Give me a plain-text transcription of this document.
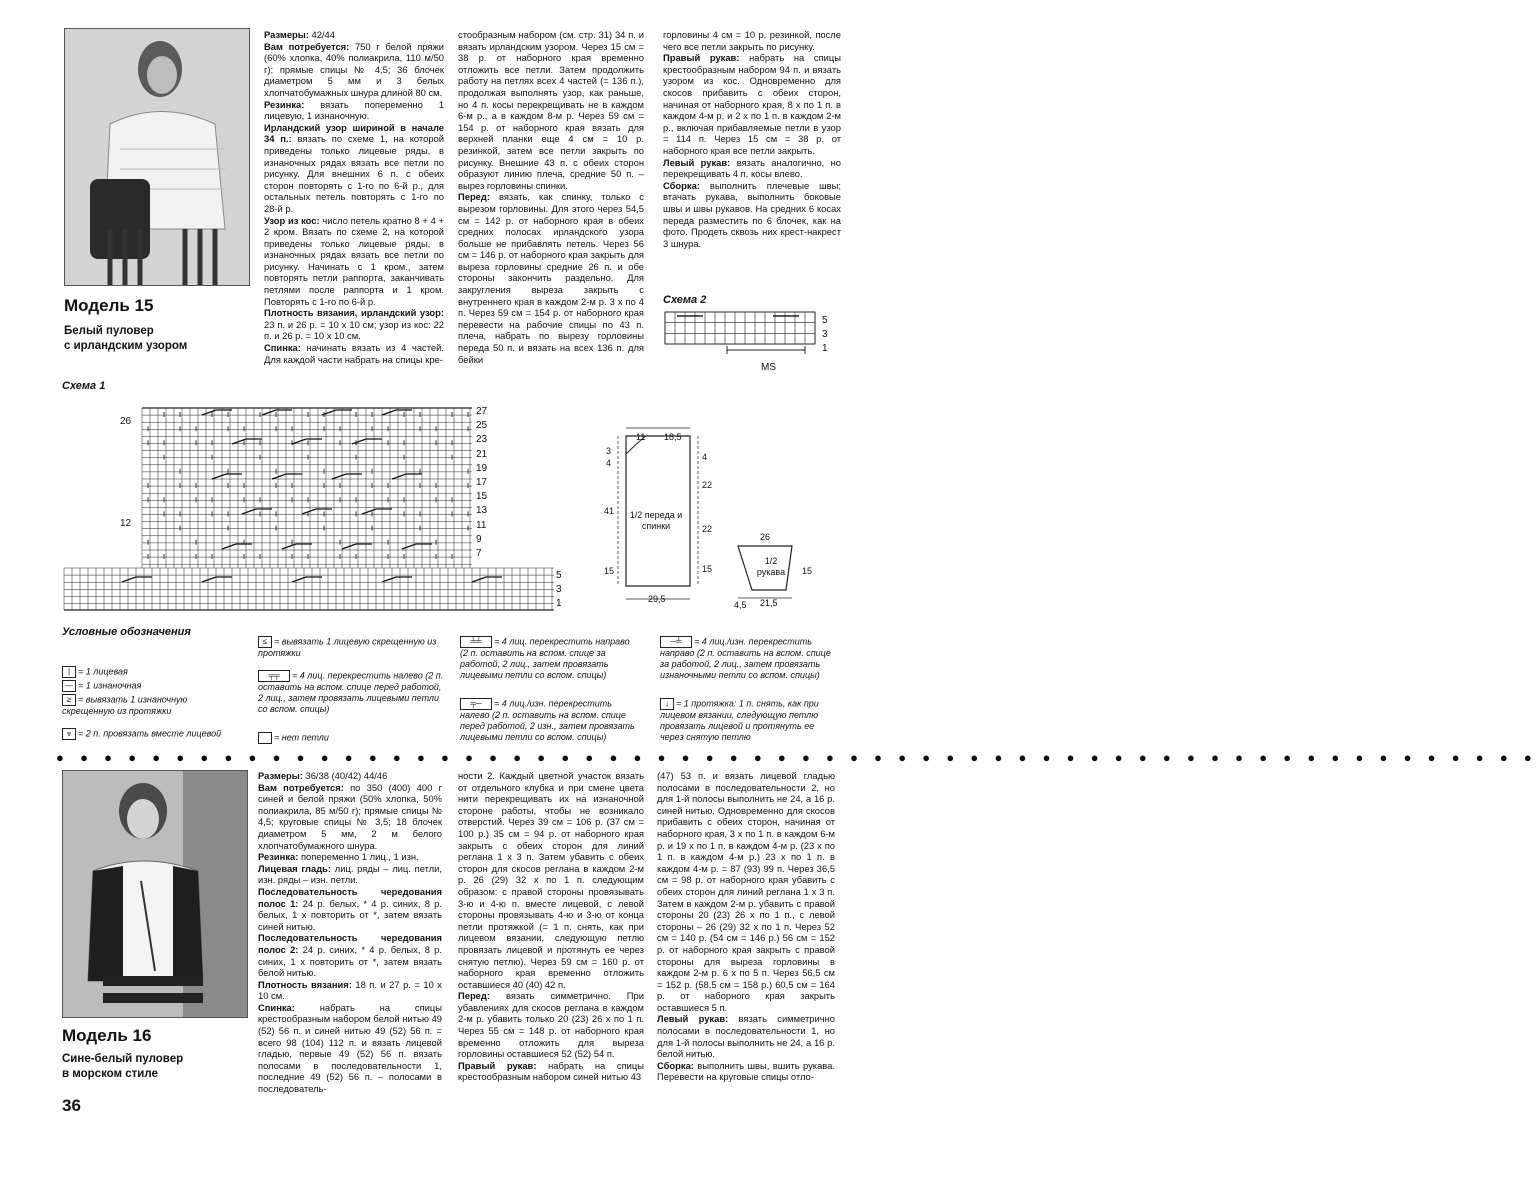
Модель 15
Белый пуловер
с ирландским узором

Размеры: 42/44

Вам потребуется: 750 г белой пряжи (60% хлопка, 40% полиакрила, 110 м/50 г); прямые спицы № 4,5; 36 блочек диаметром 5 мм и 3 белых хлопчатобумажных шнура длиной 80 см.

Резинка: вязать попеременно 1 лицевую, 1 изнаночную.

Ирландский узор шириной в начале 34 п.: вязать по схеме 1, на которой приведены только лицевые ряды, в изнаночных рядах вязать все петли по рисунку. Для внешних 6 п. с обеих сторон повторять с 1-го по 6-й р., для остальных петель повторять с 1-го по 28-й р.

Узор из кос: число петель кратно 8 + 4 + 2 кром. Вязать по схеме 2, на которой приведены только лицевые ряды, в изнаночных рядах вязать все петли по рисунку. Начинать с 1 кром., затем повторять петли раппорта, заканчивать петлями после раппорта и 1 кром. Повторять с 1-го по 6-й р.

Плотность вязания, ирландский узор: 23 п. и 26 р. = 10 х 10 см; узор из кос: 22 п. и 26 р. = 10 х 10 см.

Спинка: начинать вязать из 4 частей. Для каждой части набрать на спицы кре-

стообразным набором (см. стр. 31) 34 п. и вязать ирландским узором. Через 15 см = 38 р. от наборного края временно отложить все петли. Затем продолжить работу на петлях всех 4 частей (= 136 п.), продолжая выполнять узор, как раньше, но 4 п. косы перекрещивать не в каждом 6-м р., а в каждом 8-м р. Через 59 см = 154 р. от наборного края вязать для верхней планки еще 4 см = 10 р. резинкой, затем все петли закрыть по рисунку. Внешние 43 п. с обеих сторон образуют линию плеча, средние 50 п. – вырез горловины спинки.

Перед: вязать, как спинку, только с вырезом горловины. Для этого через 54,5 см = 142 р. от наборного края в обеих средних полосах ирландского узора больше не прибавлять петель. Через 56 см = 146 р. от наборного края закрыть для выреза горловины средние 26 п. и обе стороны закончить раздельно. Для закругления выреза закрыть с внутреннего края в каждом 2-м р. 3 х по 4 п. Через 59 см = 154 р. от наборного края перевести на рабочие спицы по 43 п. плеча, набрать по вырезу горловины переда 50 п. и вязать на всех 136 п. для бейки

горловины 4 см = 10 р. резинкой, после чего все петли закрыть по рисунку.

Правый рукав: набрать на спицы крестообразным набором 94 п. и вязать узором из кос. Одновременно для скосов прибавить с обеих сторон, начиная от наборного края, 8 х по 1 п. в каждом 4-м р. и 2 х по 1 п. в каждом 2-м р., включая прибавляемые петли в узор = 114 п. Через 15 см = 38 р. от наборного края все петли закрыть.

Левый рукав: вязать аналогично, но перекрещивать 4 п. косы влево.

Сборка: выполнить плечевые швы; втачать рукава, выполнить боковые швы и швы рукавов. На средних 6 косах переда разместить по 6 блочек, как на фото. Продеть сквозь них крест-накрест 3 шнура.

Схема 2
5
3
1
MS
Схема 1
26
12
27
25
23
21
19
17
15
13
11
9
7
5
3
1
1/2 переда и спинки
11 18,5
3
4
4
41
15
22
22
15
29,5
26
1/2 рукава 15
21,5
4,5
Условные обозначения
| = 1 лицевая
— = 1 изнаночная
≥ = вывязать 1 изнаночную скрещенную из протяжки
⩔ = 2 п. провязать вместе лицевой
≤ = вывязать 1 лицевую скрещенную из протяжки
╤╤ = 4 лиц. перекрестить налево (2 п. оставить на вспом. спице перед работой, 2 лиц., затем провязать лицевыми петли со вспом. спицы)
= нет петли
╧╧ = 4 лиц. перекрестить направо (2 п. оставить на вспом. спице за работой, 2 лиц., затем провязать лицевыми петли со вспом. спицы)
╤─ = 4 лиц./изн. перекрестить налево (2 п. оставить на вспом. спице перед работой, 2 изн., затем провязать лицевыми петли со вспом. спицы)
─╧ = 4 лиц./изн. перекрестить направо (2 п. оставить на вспом. спице за работой, 2 лиц., затем провязать изнаночными петли со вспом. спицы)
↓ = 1 протяжка: 1 п. снять, как при лицевом вязании, следующую петлю провязать лицевой и протянуть ее через снятую петлю
● ● ● ● ● ● ● ● ● ● ● ● ● ● ● ● ● ● ● ● ● ● ● ● ● ● ● ● ● ● ● ● ● ● ● ● ● ● ● ● ● ● ● ● ● ● ● ● ● ● ● ● ● ● ● ● ● ● ● ● ● ●
Модель 16
Сине-белый пуловер
в морском стиле

Размеры: 36/38 (40/42) 44/46

Вам потребуется: по 350 (400) 400 г синей и белой пряжи (50% хлопка, 50% полиакрила, 85 м/50 г); прямые спицы № 4,5; круговые спицы № 3,5; 18 блочек диаметром 5 мм, 2 м белого хлопчатобумажного шнура.

Резинка: попеременно 1 лиц., 1 изн.

Лицевая гладь: лиц. ряды – лиц. петли, изн. ряды – изн. петли.

Последовательность чередования полос 1: 24 р. белых, * 4 р. синих, 8 р. белых, 1 х повторить от *, затем вязать синей нитью.

Последовательность чередования полос 2: 24 р. синих, * 4 р. белых, 8 р. синих, 1 х повторить от *, затем вязать белой нитью.

Плотность вязания: 18 п. и 27 р. = 10 х 10 см.

Спинка: набрать на спицы крестообразным набором белой нитью 49 (52) 56 п. и синей нитью 49 (52) 56 п. = всего 98 (104) 112 п. и вязать лицевой гладью, первые 49 (52) 56 п. вязать полосами в последовательности 1, последние 49 (52) 56 п. – полосами в последователь-

ности 2. Каждый цветной участок вязать от отдельного клубка и при смене цвета нити перекрещивать их на изнаночной стороне работы, чтобы не возникало отверстий. Через 39 см = 106 р. (37 см = 100 р.) 35 см = 94 р. от наборного края закрыть с обеих сторон для линий реглана 1 х 3 п. Затем убавить с обеих сторон для скосов реглана в каждом 2-м р. 26 (29) 32 х по 1 п. следующим образом: с правой стороны провязывать 3-ю и 4-ю п. вместе лицевой, с левой стороны провязывать 4-ю и 3-ю от конца петли протяжкой (= 1 п. снять, как при лицевом вязании, следующую петлю провязать лицевой и протянуть ее через снятую петлю). Через 59 см = 160 р. от наборного края временно отложить оставшиеся 40 (40) 42 п.

Перед: вязать симметрично. При убавлениях для скосов реглана в каждом 2-м р. убавить только 20 (23) 26 х по 1 п. Через 55 см = 148 р. от наборного края временно отложить для выреза горловины оставшиеся 52 (52) 54 п.

Правый рукав: набрать на спицы крестообразным набором синей нитью 43

(47) 53 п. и вязать лицевой гладью полосами в последовательности 2, но для 1-й полосы выполнить не 24, а 16 р. синей нитью. Одновременно для скосов прибавить с обеих сторон, начиная от наборного края, 3 х по 1 п. в каждом 6-м р. и 19 х по 1 п. в каждом 4-м р. (23 х по 1 п. в каждом 4-м р.) 23 х по 1 п. в каждом 4-м р. = 87 (93) 99 п. Через 36,5 см = 98 р. от наборного края убавить с обеих сторон для линий реглана 1 х 3 п. Затем в каждом 2-м р. убавить с правой стороны 20 (23) 26 х по 1 п., с левой стороны – 26 (29) 32 х по 1 п. Через 52 см = 140 р. (54 см = 146 р.) 56 см = 152 р. от наборного края закрыть с правой стороны для выреза горловины в каждом 2-м р. 6 х по 5 п. Через 56,5 см = 152 р. (58,5 см = 158 р.) 60,5 см = 164 р. от наборного края закрыть оставшиеся 5 п.

Левый рукав: вязать симметрично полосами в последовательности 1, но для 1-й полосы выполнить не 24, а 16 р. белой нитью.

Сборка: выполнить швы, вшить рукава. Перевести на круговые спицы отло-

36
